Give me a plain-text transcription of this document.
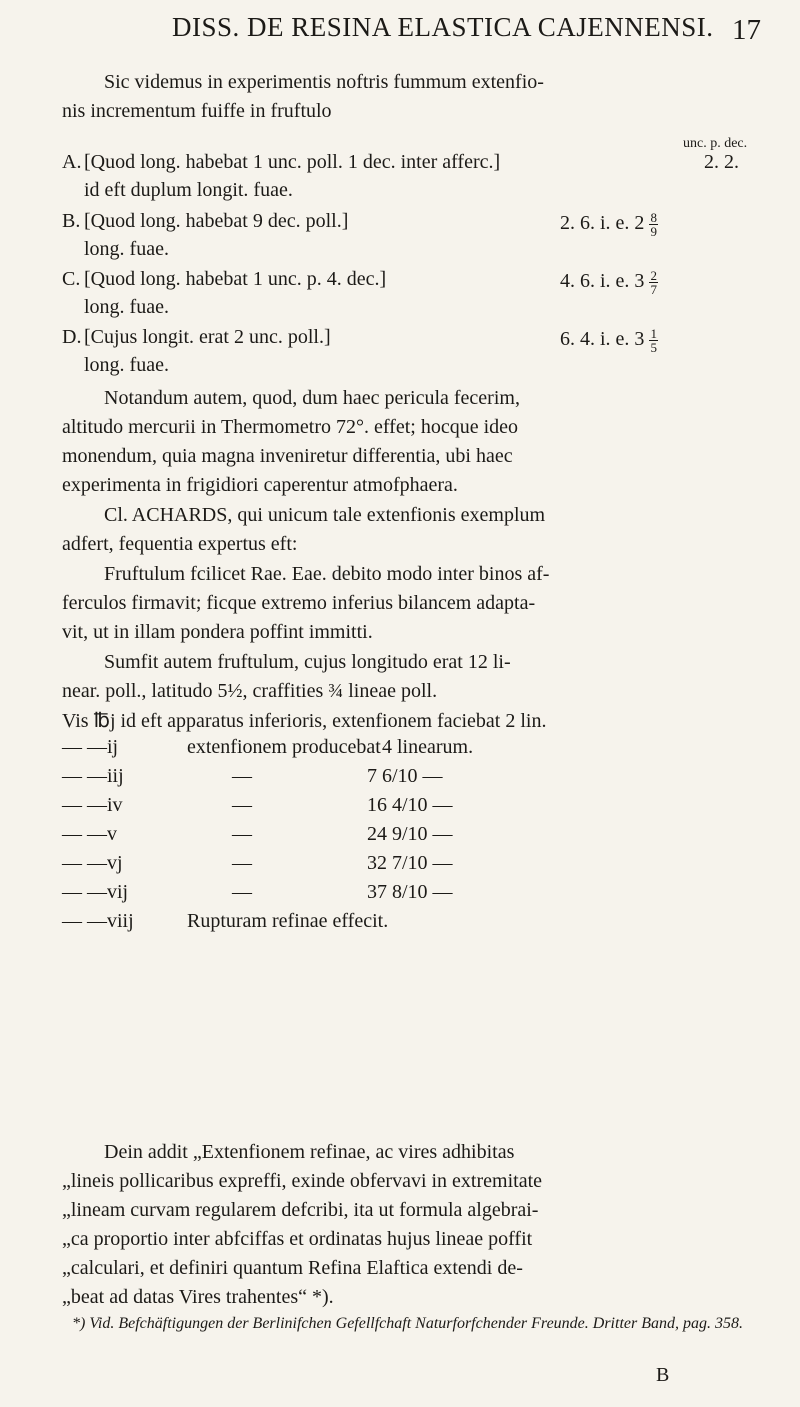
DISS. DE RESINA ELASTICA CAJENNENSI. 17
Sic videmus in experimentis noftris fummum extenfio-
nis incrementum fuiffe in fruftulo
unc. p. dec.
A. [Quod long. habebat 1 unc. poll. 1 dec. inter afferc.]	2. 2.
id eft duplum longit. fuae.
B. [Quod long. habebat 9 dec. poll.]	2. 6. i. e. $2 \frac{8}{9}$
long. fuae.
C. [Quod long. habebat 1 unc. p. 4. dec.]	4. 6. i. e. $3 \frac{2}{7}$
long. fuae.
D. [Cujus longit. erat 2 unc. poll.]	6. 4. i. e. $3 \frac{1}{5}$
long. fuae.
Notandum autem, quod, dum haec pericula fecerim,
altitudo mercurii in Thermometro 72°. effet; hocque ideo
monendum, quia magna inveniretur differentia, ubi haec
experimenta in frigidiori caperentur atmofphaera.
Cl. ACHARDS, qui unicum tale extenfionis exemplum
adfert, fequentia expertus eft:
Fruftulum fcilicet Rae. Eae. debito modo inter binos af-
ferculos firmavit; ficque extremo inferius bilancem adapta-
vit, ut in illam pondera poffint immitti.
Sumfit autem fruftulum, cujus longitudo erat 12 li-
near. poll., latitudo 5½, craffities ¾ lineae poll.
Vis ℔j id eft apparatus inferioris, extenfionem faciebat 2 lin.
— —ij	extenfionem producebat 4 linearum.
— —iij	—	7 6/10 —
— —iv	—	16 4/10 —
— —v	—	24 9/10 —
— —vj	—	32 7/10 —
— —vij	—	37 8/10 —
— —viij	Rupturam refinae effecit.
Dein addit „Extenfionem refinae, ac vires adhibitas
„lineis pollicaribus expreffi, exinde obfervavi in extremitate
„lineam curvam regularem defcribi, ita ut formula algebrai-
„ca proportio inter abfciffas et ordinatas hujus lineae poffit
„calculari, et definiri quantum Refina Elaftica extendi de-
„beat ad datas Vires trahentes“ *).
*) Vid. Befchäftigungen der Berlinifchen Gefellfchaft Naturforfchender Freunde. Dritter Band, pag. 358.
B
